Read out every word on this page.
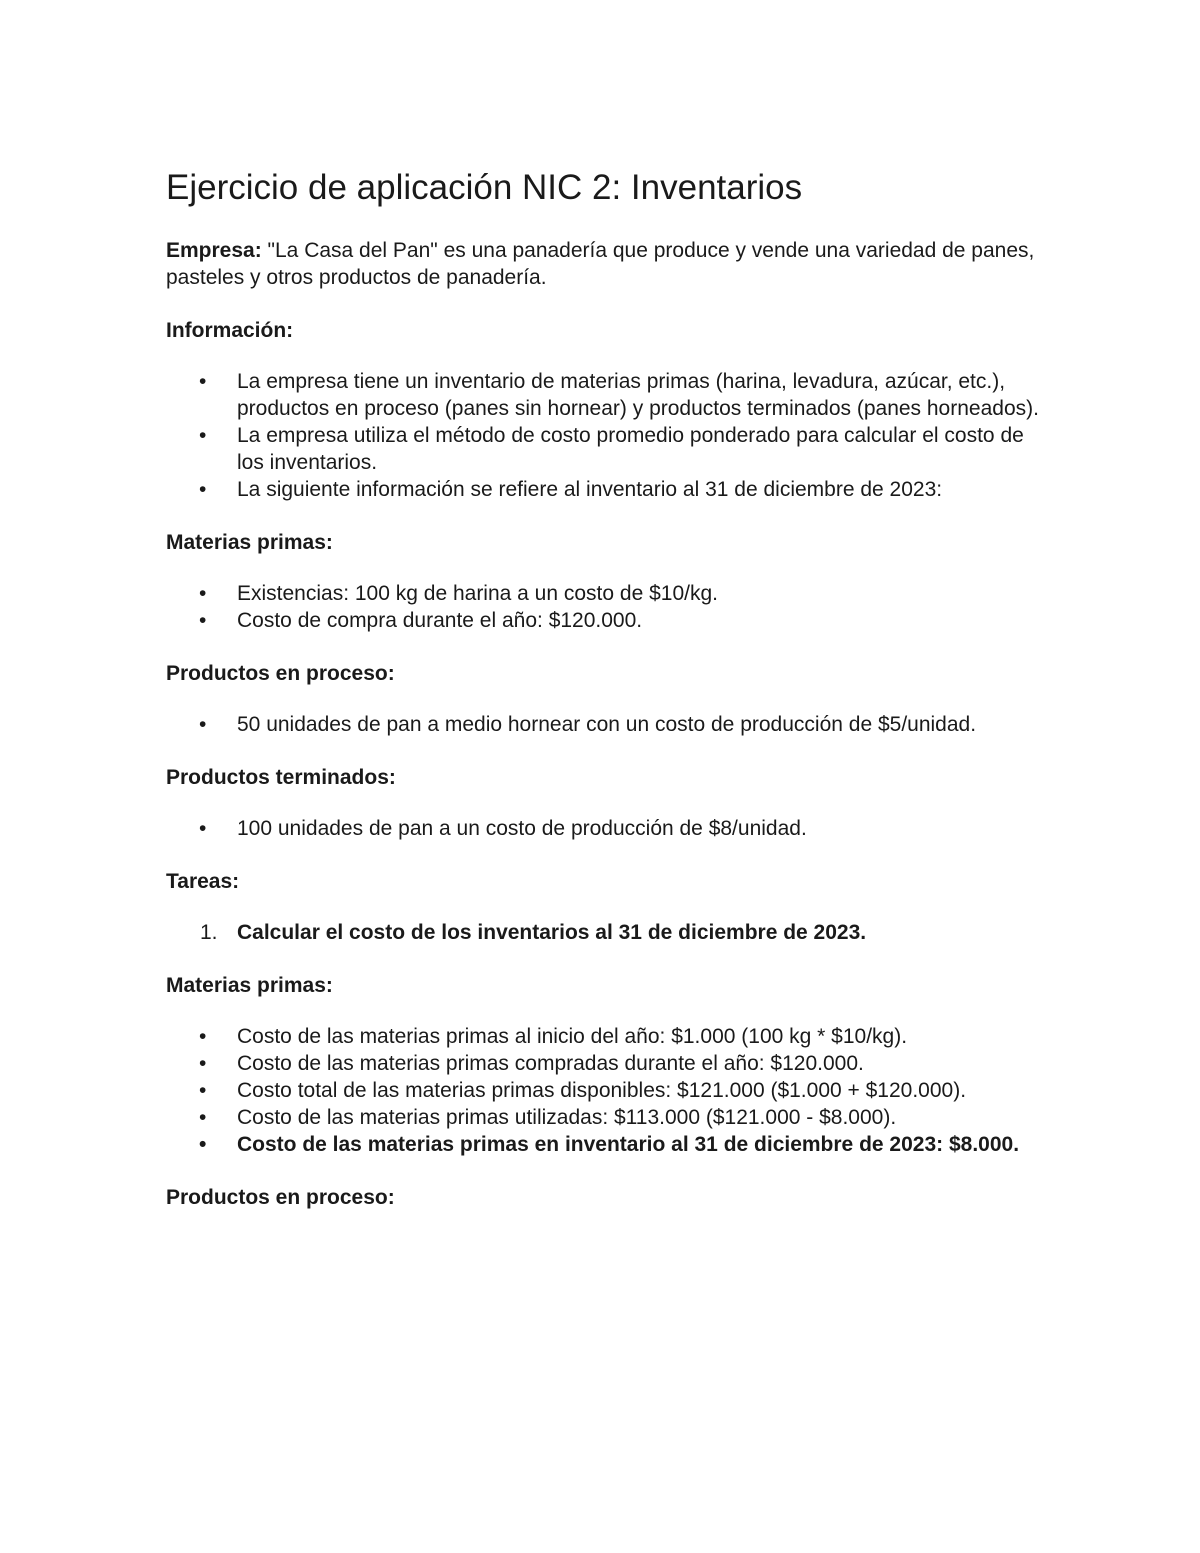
Ejercicio de aplicación NIC 2: Inventarios

Empresa: "La Casa del Pan" es una panadería que produce y vende una variedad de panes, pasteles y otros productos de panadería.

Información:

• La empresa tiene un inventario de materias primas (harina, levadura, azúcar, etc.), productos en proceso (panes sin hornear) y productos terminados (panes horneados).
• La empresa utiliza el método de costo promedio ponderado para calcular el costo de los inventarios.
• La siguiente información se refiere al inventario al 31 de diciembre de 2023:

Materias primas:

• Existencias: 100 kg de harina a un costo de $10/kg.
• Costo de compra durante el año: $120.000.

Productos en proceso:

• 50 unidades de pan a medio hornear con un costo de producción de $5/unidad.

Productos terminados:

• 100 unidades de pan a un costo de producción de $8/unidad.

Tareas:

1. Calcular el costo de los inventarios al 31 de diciembre de 2023.

Materias primas:

• Costo de las materias primas al inicio del año: $1.000 (100 kg * $10/kg).
• Costo de las materias primas compradas durante el año: $120.000.
• Costo total de las materias primas disponibles: $121.000 ($1.000 + $120.000).
• Costo de las materias primas utilizadas: $113.000 ($121.000 - $8.000).
• Costo de las materias primas en inventario al 31 de diciembre de 2023: $8.000.

Productos en proceso:
